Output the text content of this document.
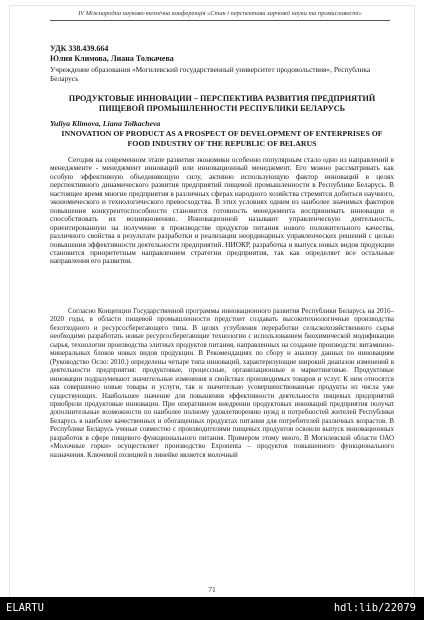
IV Міжнародна науково-технічна конференція «Стан і перспективи харчової науки та промисловості»
УДК 338.439.664
Юлия Климова, Лиана Толкачева
Учреждение образования «Могилевский государственный университет продовольствия», Республика Беларусь
ПРОДУКТОВЫЕ ИННОВАЦИИ – ПЕРСПЕКТИВА РАЗВИТИЯ ПРЕДПРИЯТИЙ ПИЩЕВОЙ ПРОМЫШЛЕННОСТИ РЕСПУБЛИКИ БЕЛАРУСЬ
Yuliya Klimova, Liana Tolkacheva
INNOVATION OF PRODUCT AS A PROSPECT OF DEVELOPMENT OF ENTERPRISES OF FOOD INDUSTRY OF THE REPUBLIC OF BELARUS
Сегодня на современном этапе развития экономики особенно популярным стало одно из направлений в менеджменте - менеджмент инноваций или инновационный менеджмент. Его можно рассматривать как особую эффективную объединяющую силу, активно использующую фактор инноваций в целях перспективного динамического развития предприятий пищевой промышленности в Республике Беларусь. В настоящее время многие предприятия в различных сферах народного хозяйства стремятся добиться научного, экономического и технологического превосходства. В этих условиях одним из наиболее значимых факторов повышения конкурентоспособности становится готовность менеджмента воспринимать инновации и способствовать их возникновению. Инновационной называют управленческую деятельность, ориентированную на получение в производстве продуктов питания нового положительного качества, различного свойства в результате разработки и реализации неординарных управленческих решений с целью повышения эффективности деятельности предприятий. НИОКР, разработка и выпуск новых видов продукции становится приоритетным направлением стратегии предприятия, так как определяет все остальные направления его развития.
Согласно Концепции Государственной программы инновационного развития Республики Беларусь на 2016–2020 годы, в области пищевой промышленности предстоит создавать высокотехнологичные производства безотходного и ресурсосберегающего типа. В целях углубления переработки сельскохозяйственного сырья необходимо разработать новые ресурсосберегающие технологии с использованием биохимической модификации сырья, технологии производства элитных продуктов питания, направленных на создание производств: витаминно-минеральных блоков новых видов продукции. В Рекомендациях по сбору и анализу данных по инновациям (Руководство Осло: 2010.) определены четыре типа инноваций, характеризующие широкий диапазон изменений в деятельности предприятия: продуктовые, процессные, организационные и маркетинговые. Продуктовые инновации подразумевают значительные изменения в свойствах производимых товаров и услуг. К ним относятся как совершенно новые товары и услуги, так и значительно усовершенствованные продукты из числа уже существующих. Наибольшее значение для повышения эффективности деятельности пищевых предприятий приобрели продуктовые инновации. При оперативном внедрении продуктовых инноваций предприятия получат дополнительные возможности по наиболее полному удовлетворению нужд и потребностей жителей Республики Беларусь в наиболее качественных и обогащенных продуктах питания для потребителей различных возрастов. В Республике Беларусь ученые совместно с производителями пищевых продуктов освоили выпуск инновационных разработок в сфере пищевого функционального питания. Примером этому много. В Могилевской области ОАО «Молочные горки» осуществляет производство Exponenta – продуктов повышенного функционального назначения. Ключевой позицией в линейке является молочный
71
ELARTU	hdl:lib/22079
